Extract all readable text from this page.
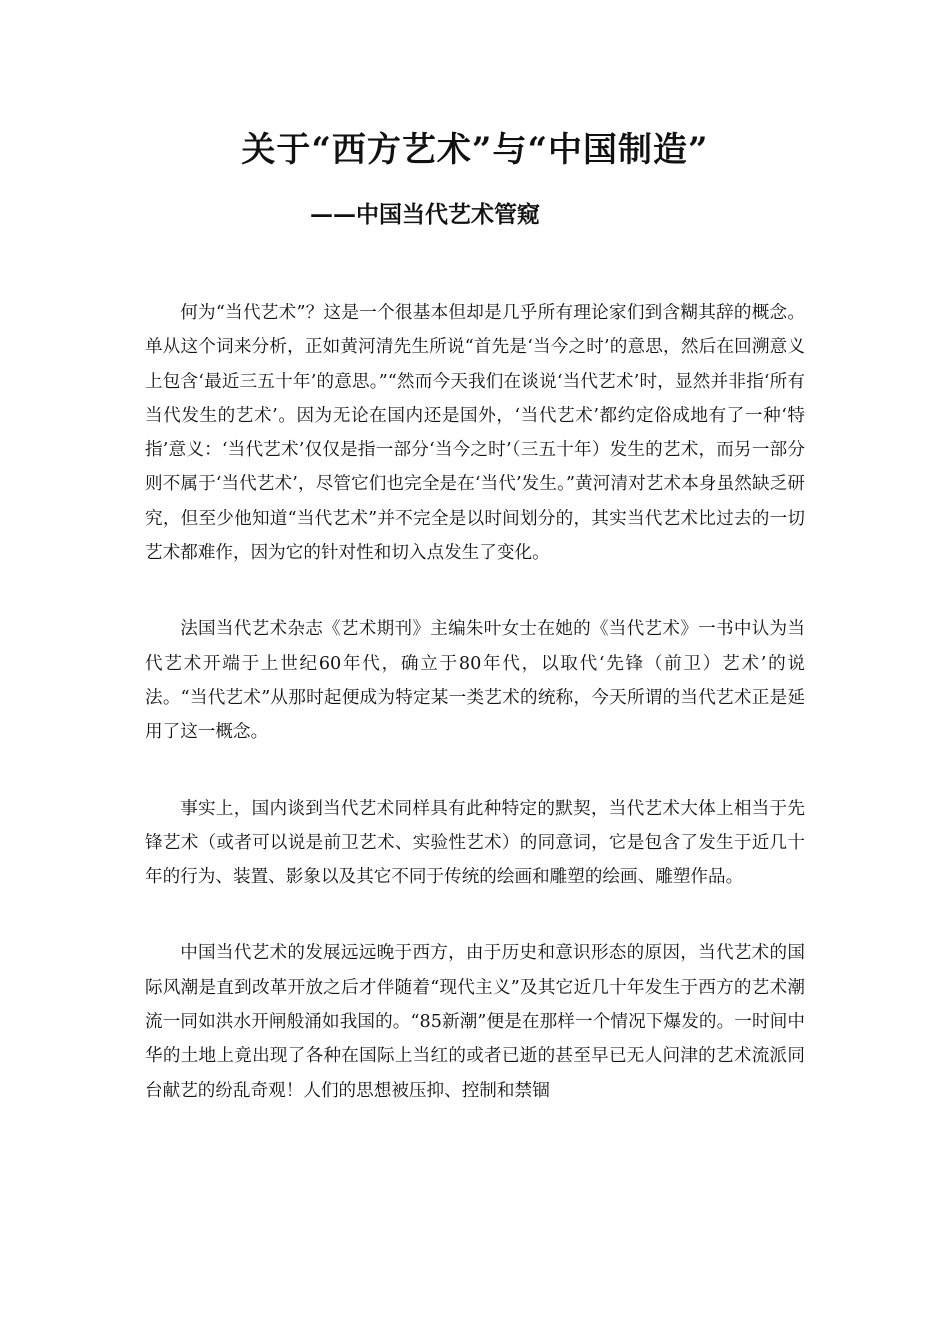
关于“西方艺术”与“中国制造”
——中国当代艺术管窥

何为“当代艺术”？这是一个很基本但却是几乎所有理论家们到含糊其辞的概念。单从这个词来分析，正如黄河清先生所说“首先是‘当今之时’的意思，然后在回溯意义上包含‘最近三五十年’的意思。”“然而今天我们在谈说‘当代艺术’时，显然并非指‘所有当代发生的艺术’。因为无论在国内还是国外，‘当代艺术’都约定俗成地有了一种‘特指’意义：‘当代艺术’仅仅是指一部分‘当今之时’（三五十年）发生的艺术，而另一部分则不属于‘当代艺术’，尽管它们也完全是在‘当代’发生。”黄河清对艺术本身虽然缺乏研究，但至少他知道“当代艺术”并不完全是以时间划分的，其实当代艺术比过去的一切艺术都难作，因为它的针对性和切入点发生了变化。

法国当代艺术杂志《艺术期刊》主编朱叶女士在她的《当代艺术》一书中认为当代艺术开端于上世纪60年代，确立于80年代，以取代‘先锋（前卫）艺术’的说法。“当代艺术”从那时起便成为特定某一类艺术的统称，今天所谓的当代艺术正是延用了这一概念。

事实上，国内谈到当代艺术同样具有此种特定的默契，当代艺术大体上相当于先锋艺术（或者可以说是前卫艺术、实验性艺术）的同意词，它是包含了发生于近几十年的行为、装置、影象以及其它不同于传统的绘画和雕塑的绘画、雕塑作品。

中国当代艺术的发展远远晚于西方，由于历史和意识形态的原因，当代艺术的国际风潮是直到改革开放之后才伴随着“现代主义”及其它近几十年发生于西方的艺术潮流一同如洪水开闸般涌如我国的。“85新潮”便是在那样一个情况下爆发的。一时间中华的土地上竟出现了各种在国际上当红的或者已逝的甚至早已无人问津的艺术流派同台献艺的纷乱奇观！人们的思想被压抑、控制和禁锢
